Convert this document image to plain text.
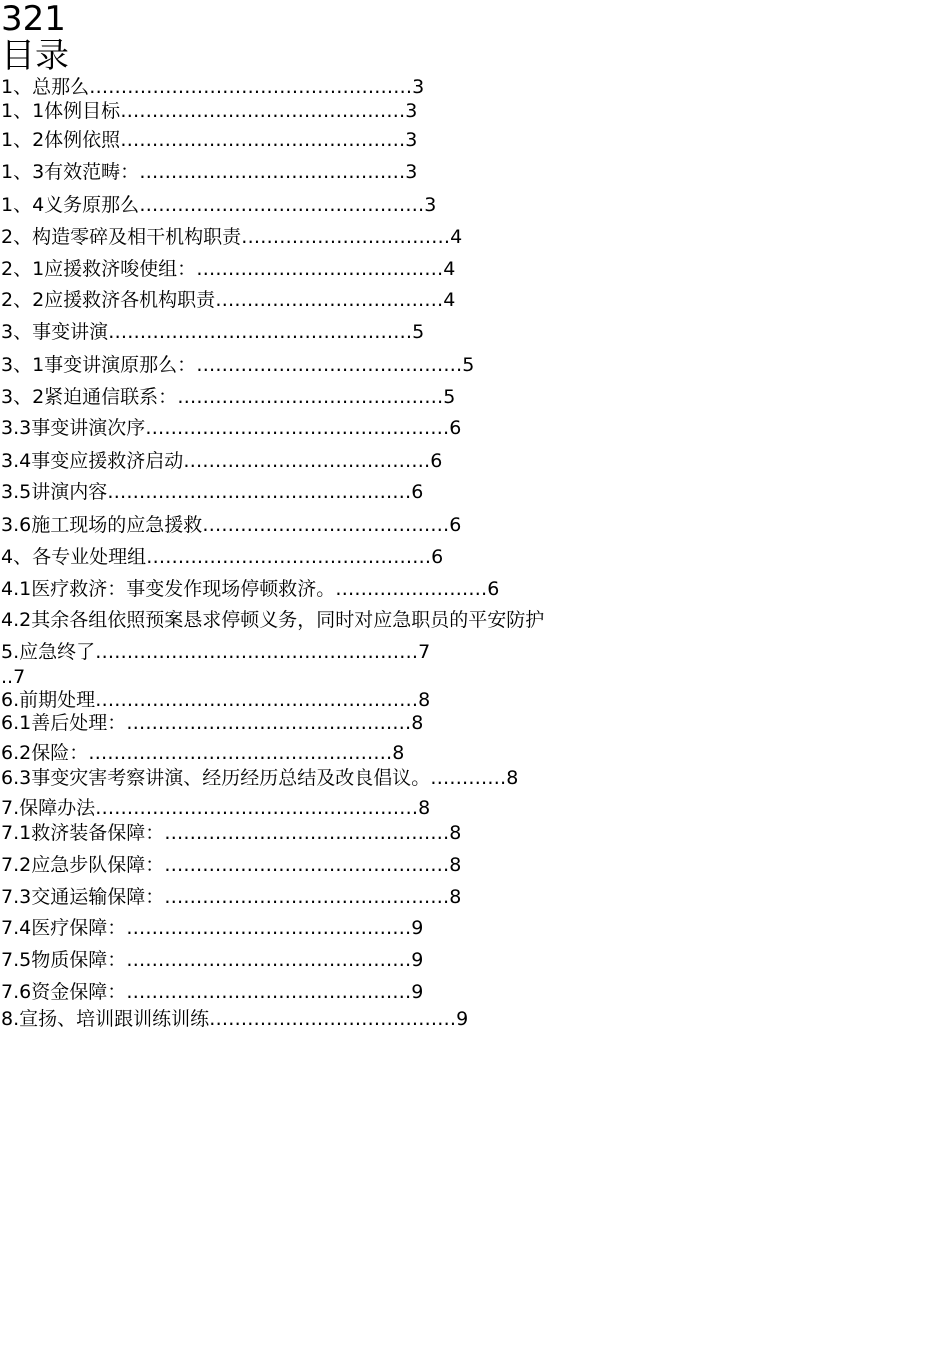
321
目录
1、总那么……………………………………………3
1、1体例目标………………………………………3
1、2体例依照………………………………………3
1、3有效范畴：……………………………………3
1、4义务原那么………………………………………3
2、构造零碎及相干机构职责……………………………4
2、1应援救济唆使组：…………………………………4
2、2应援救济各机构职责………………………………4
3、事变讲演…………………………………………5
3、1事变讲演原那么：……………………………………5
3、2紧迫通信联系：……………………………………5
3.3事变讲演次序…………………………………………6
3.4事变应援救济启动…………………………………6
3.5讲演内容…………………………………………6
3.6施工现场的应急援救…………………………………6
4、各专业处理组………………………………………6
4.1医疗救济：事变发作现场停顿救济。……………………6
4.2其余各组依照预案恳求停顿义务，同时对应急职员的平安防护
5.应急终了……………………………………………7
..7
6.前期处理……………………………………………8
6.1善后处理：………………………………………8
6.2保险：…………………………………………8
6.3事变灾害考察讲演、经历经历总结及改良倡议。…………8
7.保障办法……………………………………………8
7.1救济装备保障：………………………………………8
7.2应急步队保障：………………………………………8
7.3交通运输保障：………………………………………8
7.4医疗保障：………………………………………9
7.5物质保障：………………………………………9
7.6资金保障：………………………………………9
8.宣扬、培训跟训练训练…………………………………9
